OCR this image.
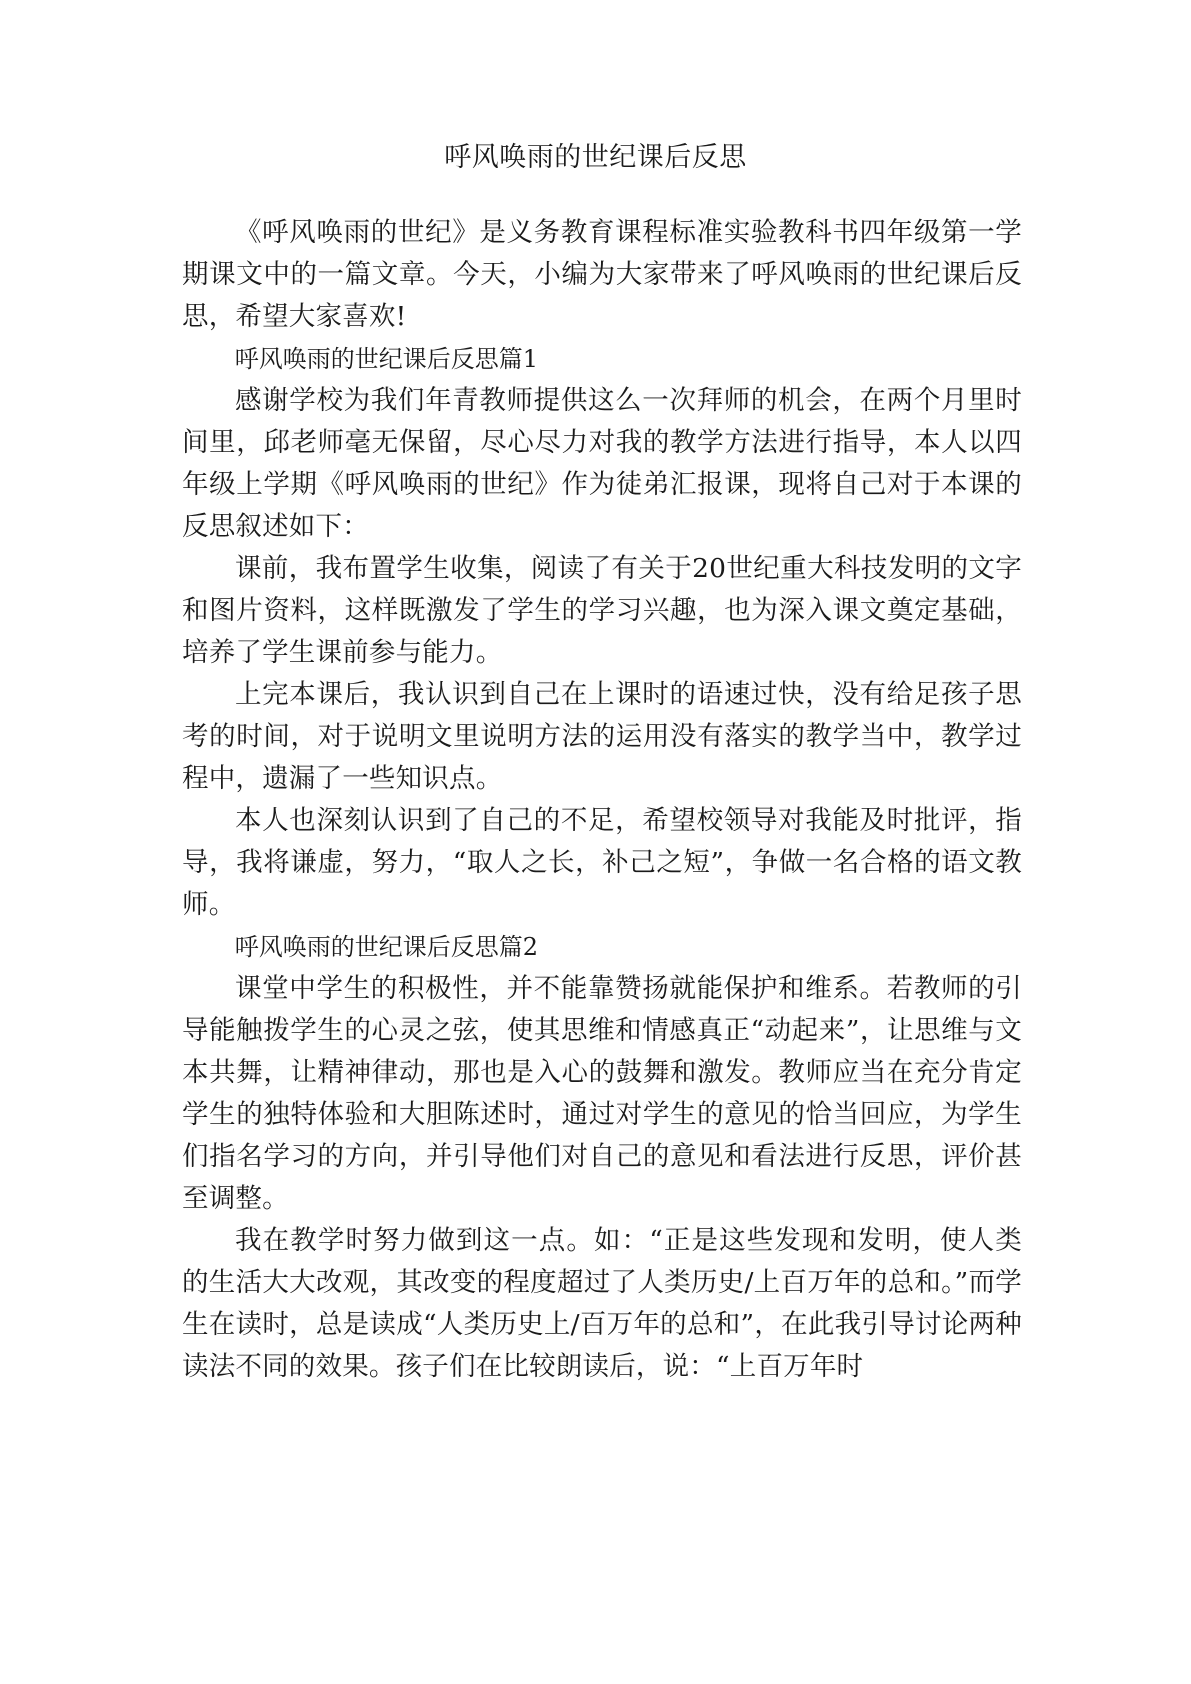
呼风唤雨的世纪课后反思

《呼风唤雨的世纪》是义务教育课程标准实验教科书四年级第一学期课文中的一篇文章。今天，小编为大家带来了呼风唤雨的世纪课后反思，希望大家喜欢!

呼风唤雨的世纪课后反思篇1

感谢学校为我们年青教师提供这么一次拜师的机会，在两个月里时间里，邱老师毫无保留，尽心尽力对我的教学方法进行指导，本人以四年级上学期《呼风唤雨的世纪》作为徒弟汇报课，现将自己对于本课的反思叙述如下：

课前，我布置学生收集，阅读了有关于20世纪重大科技发明的文字和图片资料，这样既激发了学生的学习兴趣，也为深入课文奠定基础，培养了学生课前参与能力。

上完本课后，我认识到自己在上课时的语速过快，没有给足孩子思考的时间，对于说明文里说明方法的运用没有落实的教学当中，教学过程中，遗漏了一些知识点。

本人也深刻认识到了自己的不足，希望校领导对我能及时批评，指导，我将谦虚，努力，“取人之长，补己之短”，争做一名合格的语文教师。

呼风唤雨的世纪课后反思篇2

课堂中学生的积极性，并不能靠赞扬就能保护和维系。若教师的引导能触拨学生的心灵之弦，使其思维和情感真正“动起来”，让思维与文本共舞，让精神律动，那也是入心的鼓舞和激发。教师应当在充分肯定学生的独特体验和大胆陈述时，通过对学生的意见的恰当回应，为学生们指名学习的方向，并引导他们对自己的意见和看法进行反思，评价甚至调整。

我在教学时努力做到这一点。如：“正是这些发现和发明，使人类的生活大大改观，其改变的程度超过了人类历史/上百万年的总和。”而学生在读时，总是读成“人类历史上/百万年的总和”，在此我引导讨论两种读法不同的效果。孩子们在比较朗读后，说：“上百万年时
